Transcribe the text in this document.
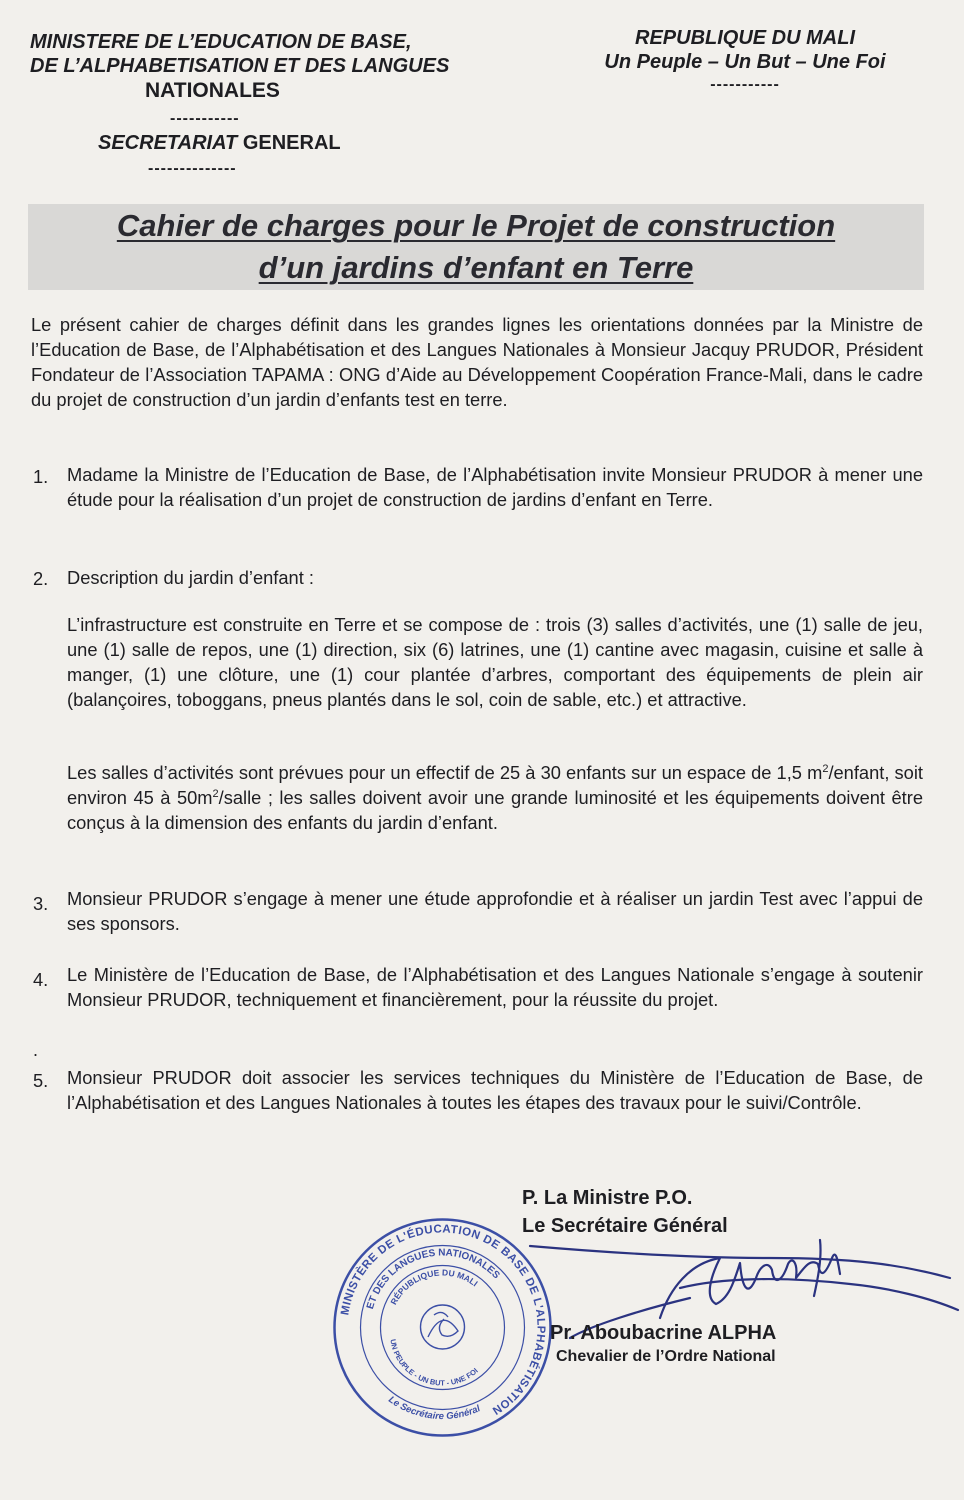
MINISTERE DE L’EDUCATION DE BASE,
DE L’ALPHABETISATION ET DES LANGUES
NATIONALES
-----------
SECRETARIAT GENERAL
--------------
REPUBLIQUE DU MALI
Un Peuple – Un But – Une Foi
-----------
Cahier de charges pour le Projet de construction
d’un jardins d’enfant en Terre
Le présent cahier de charges définit dans les grandes lignes les orientations données par la Ministre de l’Education de Base, de l’Alphabétisation et des Langues Nationales à Monsieur Jacquy PRUDOR, Président Fondateur de l’Association TAPAMA : ONG d’Aide au Développement Coopération France-Mali, dans le cadre du projet de construction d’un jardin d’enfants test en terre.
1.	Madame la Ministre de l’Education de Base, de l’Alphabétisation invite Monsieur PRUDOR à mener une étude pour la réalisation d’un projet de construction de jardins d’enfant en Terre.
2.	Description du jardin d’enfant :
L’infrastructure est construite en Terre et se compose de : trois (3) salles d’activités, une (1) salle de jeu, une (1) salle de repos, une (1) direction, six (6) latrines, une (1) cantine avec magasin, cuisine et salle à manger, (1) une clôture, une (1) cour plantée d’arbres, comportant des équipements de plein air (balançoires, toboggans, pneus plantés dans le sol, coin de sable, etc.) et attractive.
Les salles d’activités sont prévues pour un effectif de 25 à 30 enfants sur un espace de 1,5 $m^2$/enfant, soit environ 45 à $50m^2$/salle ; les salles doivent avoir une grande luminosité et les équipements doivent être conçus à la dimension des enfants du jardin d’enfant.
3.	Monsieur PRUDOR s’engage à mener une étude approfondie et à réaliser un jardin Test avec l’appui de ses sponsors.
4.	Le Ministère de l’Education de Base, de l’Alphabétisation et des Langues Nationale s’engage à soutenir Monsieur PRUDOR, techniquement et financièrement, pour la réussite du projet.
.
5.	Monsieur PRUDOR doit associer les services techniques du Ministère de l’Education de Base, de l’Alphabétisation et des Langues Nationales à toutes les étapes des travaux pour le suivi/Contrôle.
MINISTÈRE DE L'ÉDUCATION DE BASE DE L'ALPHABÉTISATION
ET DES LANGUES NATIONALES
RÉPUBLIQUE DU MALI
UN PEUPLE - UN BUT - UNE FOI
Le Secrétaire Général
P. La Ministre P.O.
Le Secrétaire Général
Pr. Aboubacrine ALPHA
Chevalier de l’Ordre National
